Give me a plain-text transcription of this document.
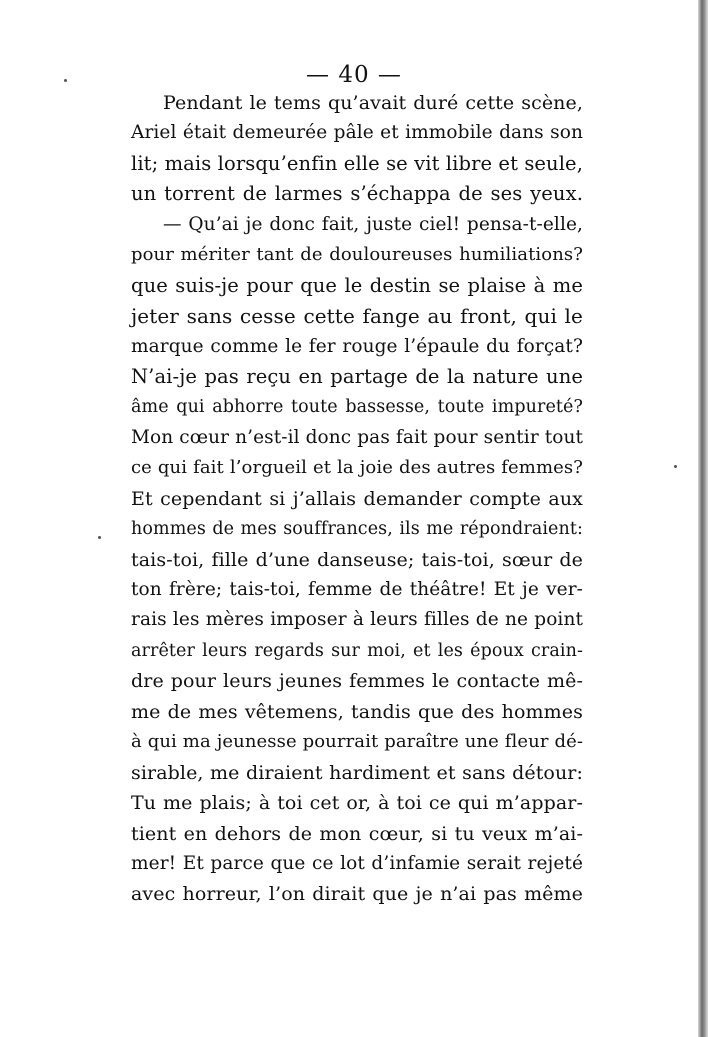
— 40 —
Pendant le tems qu’avait duré cette scène,
Ariel était demeurée pâle et immobile dans son
lit; mais lorsqu’enfin elle se vit libre et seule,
un torrent de larmes s’échappa de ses yeux.
— Qu’ai je donc fait, juste ciel! pensa-t-elle,
pour mériter tant de douloureuses humiliations?
que suis-je pour que le destin se plaise à me
jeter sans cesse cette fange au front, qui le
marque comme le fer rouge l’épaule du forçat?
N’ai-je pas reçu en partage de la nature une
âme qui abhorre toute bassesse, toute impureté?
Mon cœur n’est-il donc pas fait pour sentir tout
ce qui fait l’orgueil et la joie des autres femmes?
Et cependant si j’allais demander compte aux
hommes de mes souffrances, ils me répondraient:
tais-toi, fille d’une danseuse; tais-toi, sœur de
ton frère; tais-toi, femme de théâtre! Et je ver-
rais les mères imposer à leurs filles de ne point
arrêter leurs regards sur moi, et les époux crain-
dre pour leurs jeunes femmes le contacte mê-
me de mes vêtemens, tandis que des hommes
à qui ma jeunesse pourrait paraître une fleur dé-
sirable, me diraient hardiment et sans détour:
Tu me plais; à toi cet or, à toi ce qui m’appar-
tient en dehors de mon cœur, si tu veux m’ai-
mer! Et parce que ce lot d’infamie serait rejeté
avec horreur, l’on dirait que je n’ai pas même
